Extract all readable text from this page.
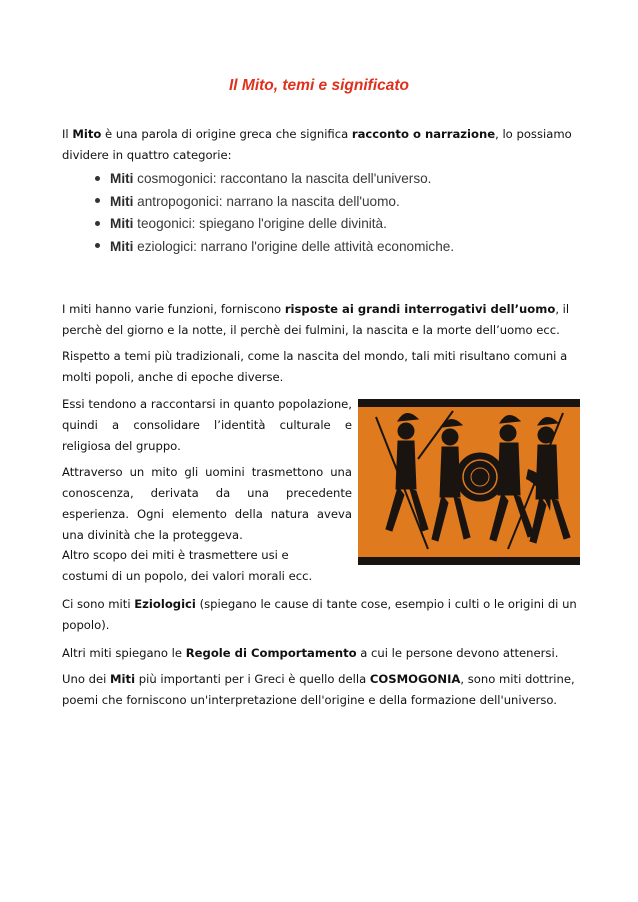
Il Mito, temi e significato

Il Mito è una parola di origine greca che significa racconto o narrazione, lo possiamo dividere in quattro categorie:

Miti cosmogonici: raccontano la nascita dell'universo.
Miti antropogonici: narrano la nascita dell'uomo.
Miti teogonici: spiegano l'origine delle divinità.
Miti eziologici: narrano l'origine delle attività economiche.

I miti hanno varie funzioni, forniscono risposte ai grandi interrogativi dell’uomo, il perchè del giorno e la notte, il perchè dei fulmini, la nascita e la morte dell’uomo ecc.

Rispetto a temi più tradizionali, come la nascita del mondo, tali miti risultano comuni a molti popoli, anche di epoche diverse.

Essi tendono a raccontarsi in quanto popolazione, quindi a consolidare l’identità culturale e religiosa del gruppo.

Attraverso un mito gli uomini trasmettono una conoscenza, derivata da una precedente esperienza. Ogni elemento della natura aveva una divinità che la proteggeva.

Altro scopo dei miti è trasmettere usi e costumi di un popolo, dei valori morali ecc.

Ci sono miti Eziologici (spiegano le cause di tante cose, esempio i culti o le origini di un popolo).

Altri miti spiegano le Regole di Comportamento a cui le persone devono attenersi.

Uno dei Miti più importanti per i Greci è quello della COSMOGONIA, sono miti dottrine, poemi che forniscono un'interpretazione dell'origine e della formazione dell'universo.
